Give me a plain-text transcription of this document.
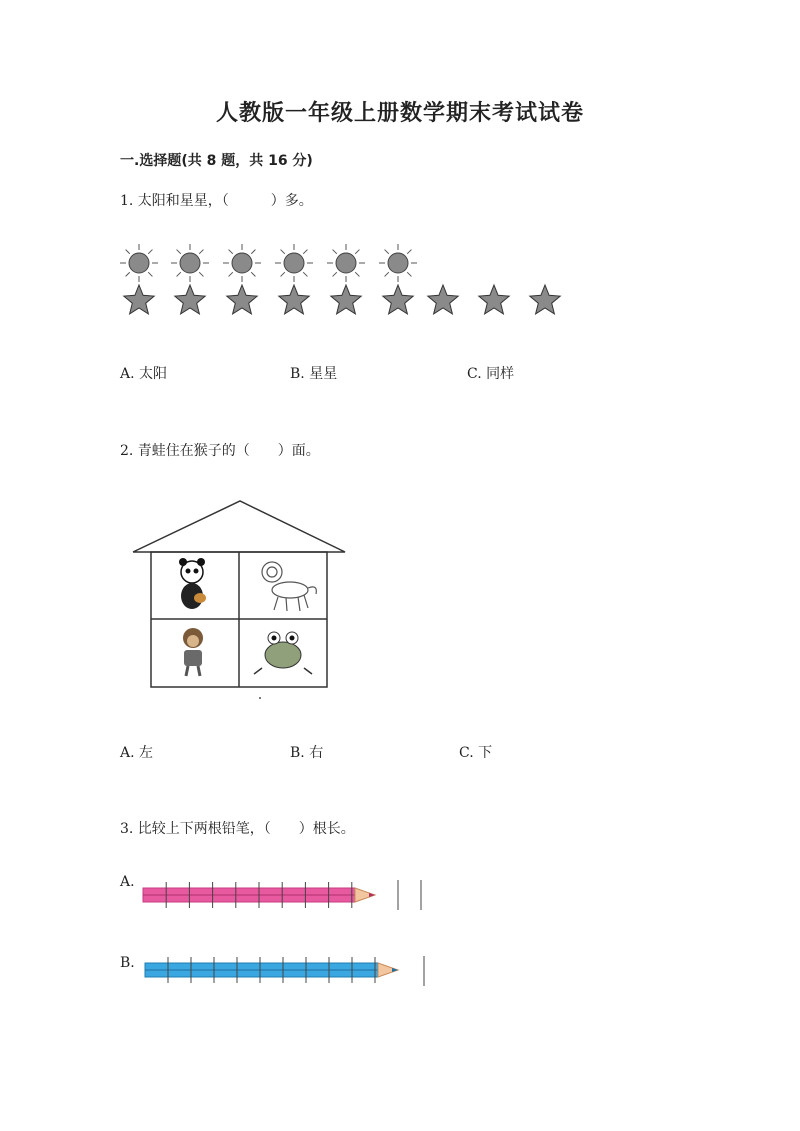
人教版一年级上册数学期末考试试卷
一.选择题(共 8 题，共 16 分)
1. 太阳和星星，（　　　）多。
A. 太阳	B. 星星	C. 同样
2. 青蛙住在猴子的（　　）面。
A. 左	B. 右	C. 下
3. 比较上下两根铅笔，（　　）根长。
A.
B.
